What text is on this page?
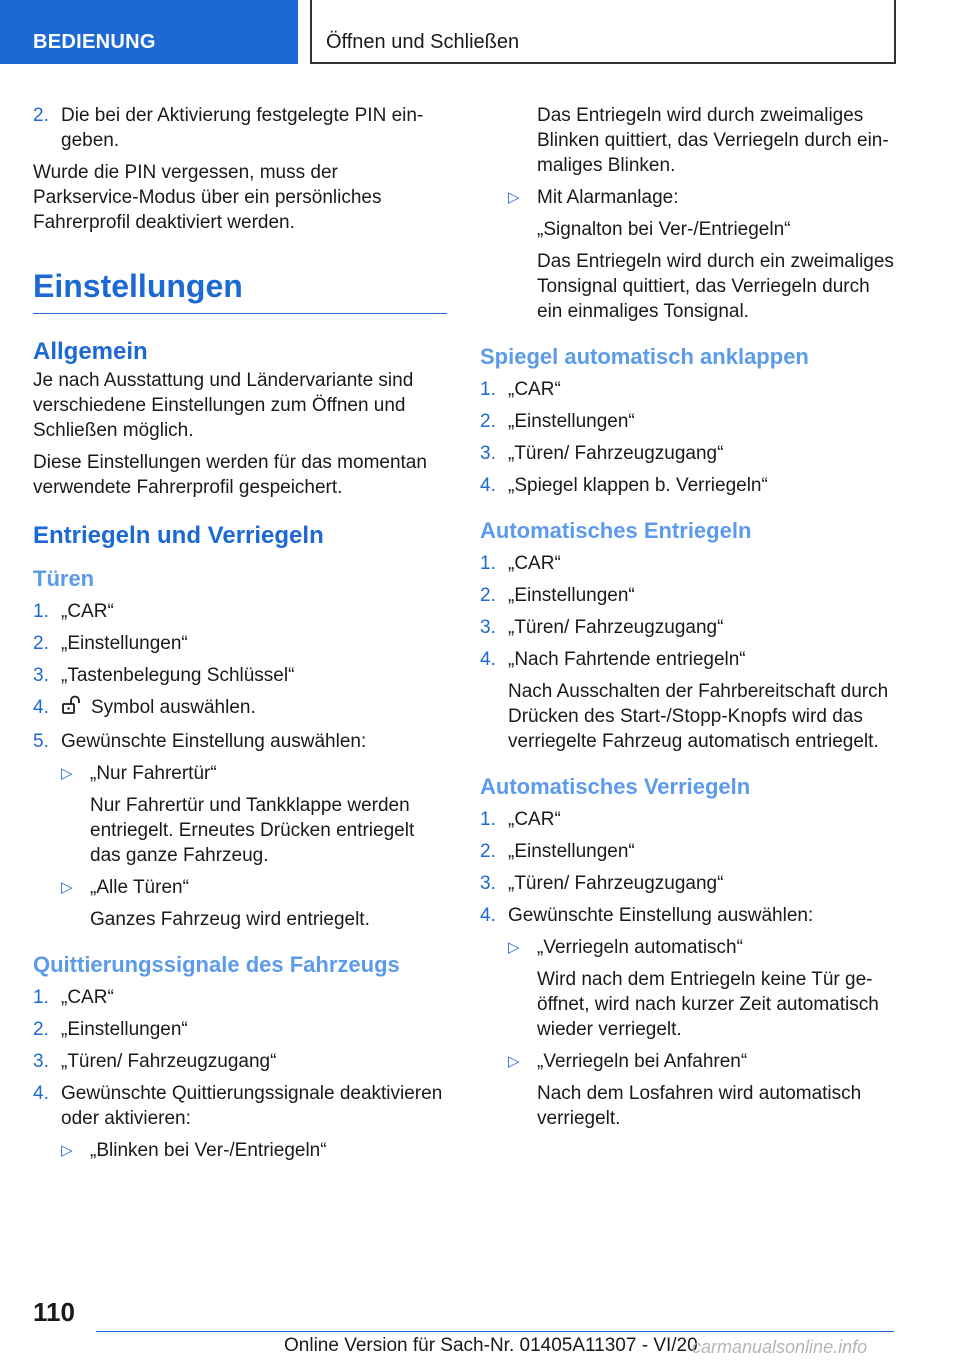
BEDIENUNG	Öffnen und Schließen
2. Die bei der Aktivierung festgelegte PIN eingeben.

Wurde die PIN vergessen, muss der Parkservice-Modus über ein persönliches Fahrerprofil deaktiviert werden.

Einstellungen
Allgemein

Je nach Ausstattung und Ländervariante sind verschiedene Einstellungen zum Öffnen und Schließen möglich.

Diese Einstellungen werden für das momentan verwendete Fahrerprofil gespeichert.

Entriegeln und Verriegeln
Türen
1. „CAR“
2. „Einstellungen“
3. „Tastenbelegung Schlüssel“
4. Symbol auswählen.
5. Gewünschte Einstellung auswählen:
▷ „Nur Fahrertür“
Nur Fahrertür und Tankklappe werden entriegelt. Erneutes Drücken entriegelt das ganze Fahrzeug.
▷ „Alle Türen“
Ganzes Fahrzeug wird entriegelt.
Quittierungssignale des Fahrzeugs
1. „CAR“
2. „Einstellungen“
3. „Türen/ Fahrzeugzugang“
4. Gewünschte Quittierungssignale deaktivieren oder aktivieren:
▷ „Blinken bei Ver-/Entriegeln“
Das Entriegeln wird durch zweimaliges Blinken quittiert, das Verriegeln durch einmaliges Blinken.
▷ Mit Alarmanlage:
„Signalton bei Ver-/Entriegeln“
Das Entriegeln wird durch ein zweimaliges Tonsignal quittiert, das Verriegeln durch ein einmaliges Tonsignal.
Spiegel automatisch anklappen
1. „CAR“
2. „Einstellungen“
3. „Türen/ Fahrzeugzugang“
4. „Spiegel klappen b. Verriegeln“
Automatisches Entriegeln
1. „CAR“
2. „Einstellungen“
3. „Türen/ Fahrzeugzugang“
4. „Nach Fahrtende entriegeln“
Nach Ausschalten der Fahrbereitschaft durch Drücken des Start-/Stopp-Knopfs wird das verriegelte Fahrzeug automatisch entriegelt.
Automatisches Verriegeln
1. „CAR“
2. „Einstellungen“
3. „Türen/ Fahrzeugzugang“
4. Gewünschte Einstellung auswählen:
▷ „Verriegeln automatisch“
Wird nach dem Entriegeln keine Tür geöffnet, wird nach kurzer Zeit automatisch wieder verriegelt.
▷ „Verriegeln bei Anfahren“
Nach dem Losfahren wird automatisch verriegelt.
110
Online Version für Sach-Nr. 01405A11307 - VI/20
carmanualsonline.info
